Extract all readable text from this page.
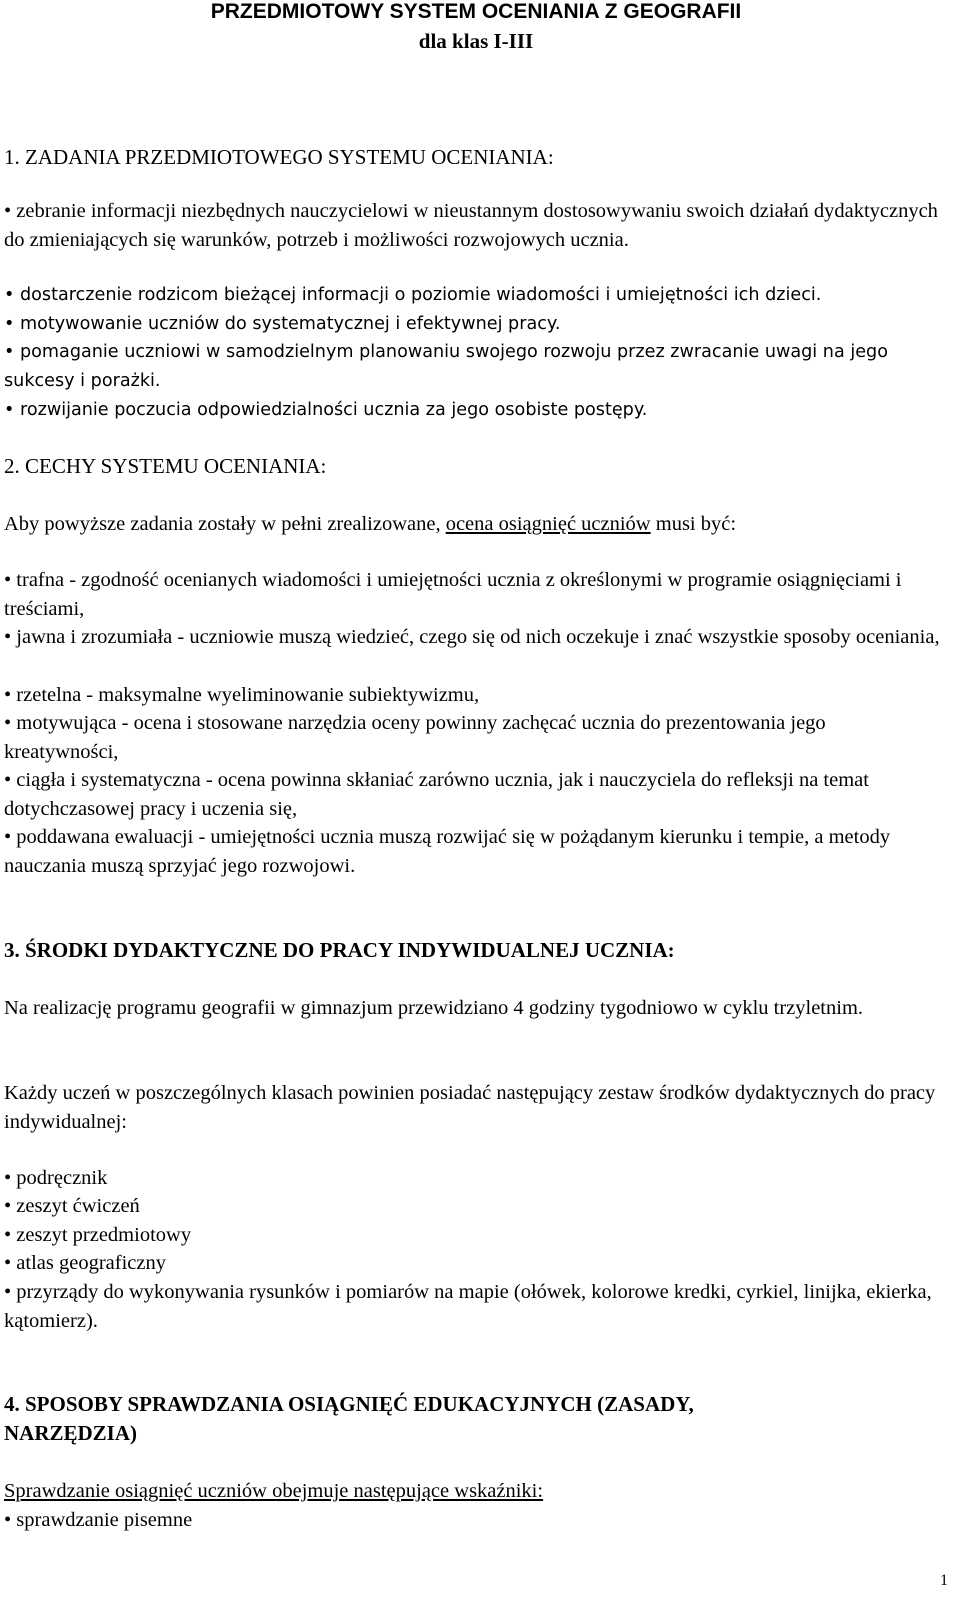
PRZEDMIOTOWY SYSTEM OCENIANIA Z GEOGRAFII
dla klas I-III
1. ZADANIA PRZEDMIOTOWEGO SYSTEMU OCENIANIA:

• zebranie informacji niezbędnych nauczycielowi w nieustannym dostosowywaniu swoich działań dydaktycznych do zmieniających się warunków, potrzeb i możliwości rozwojowych ucznia.

• dostarczenie rodzicom bieżącej informacji o poziomie wiadomości i umiejętności ich dzieci.

• motywowanie uczniów do systematycznej i efektywnej pracy.

• pomaganie uczniowi w samodzielnym planowaniu swojego rozwoju przez zwracanie uwagi na jego sukcesy i porażki.

• rozwijanie poczucia odpowiedzialności ucznia za jego osobiste postępy.

2. CECHY SYSTEMU OCENIANIA:

Aby powyższe zadania zostały w pełni zrealizowane, ocena osiągnięć uczniów musi być:

• trafna - zgodność ocenianych wiadomości i umiejętności ucznia z określonymi w programie osiągnięciami i treściami,

• jawna i zrozumiała - uczniowie muszą wiedzieć, czego się od nich oczekuje i znać wszystkie sposoby oceniania,

• rzetelna - maksymalne wyeliminowanie subiektywizmu,

• motywująca - ocena i stosowane narzędzia oceny powinny zachęcać ucznia do prezentowania jego kreatywności,

• ciągła i systematyczna - ocena powinna skłaniać zarówno ucznia, jak i nauczyciela do refleksji na temat dotychczasowej pracy i uczenia się,

• poddawana ewaluacji - umiejętności ucznia muszą rozwijać się w pożądanym kierunku i tempie, a metody nauczania muszą sprzyjać jego rozwojowi.

3. ŚRODKI DYDAKTYCZNE DO PRACY INDYWIDUALNEJ UCZNIA:

Na realizację programu geografii w gimnazjum przewidziano 4 godziny tygodniowo w cyklu trzyletnim.

Każdy uczeń w poszczególnych klasach powinien posiadać następujący zestaw środków dydaktycznych do pracy indywidualnej:

• podręcznik

• zeszyt ćwiczeń

• zeszyt przedmiotowy

• atlas geograficzny

• przyrządy do wykonywania rysunków i pomiarów na mapie (ołówek, kolorowe kredki, cyrkiel, linijka, ekierka, kątomierz).

4. SPOSOBY SPRAWDZANIA OSIĄGNIĘĆ EDUKACYJNYCH (ZASADY,
NARZĘDZIA)

Sprawdzanie osiągnięć uczniów obejmuje następujące wskaźniki:

• sprawdzanie pisemne

1
